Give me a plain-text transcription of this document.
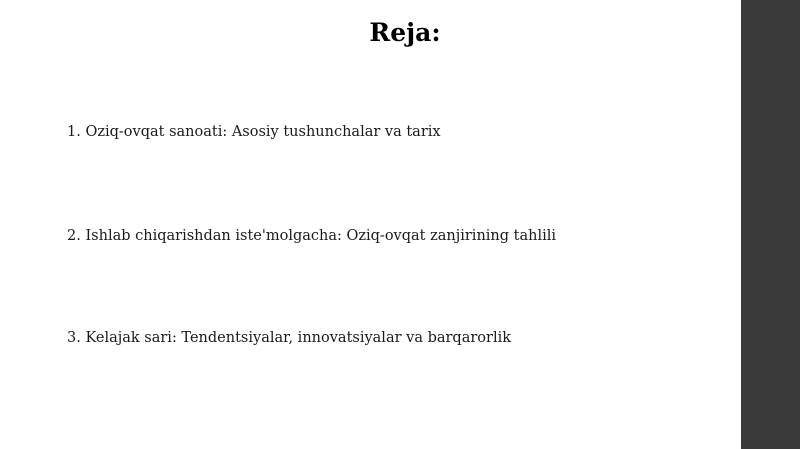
Reja:

1. Oziq-ovqat sanoati: Asosiy tushunchalar va tarix

2. Ishlab chiqarishdan iste'molgacha: Oziq-ovqat zanjirining tahlili

3. Kelajak sari: Tendentsiyalar, innovatsiyalar va barqarorlik
